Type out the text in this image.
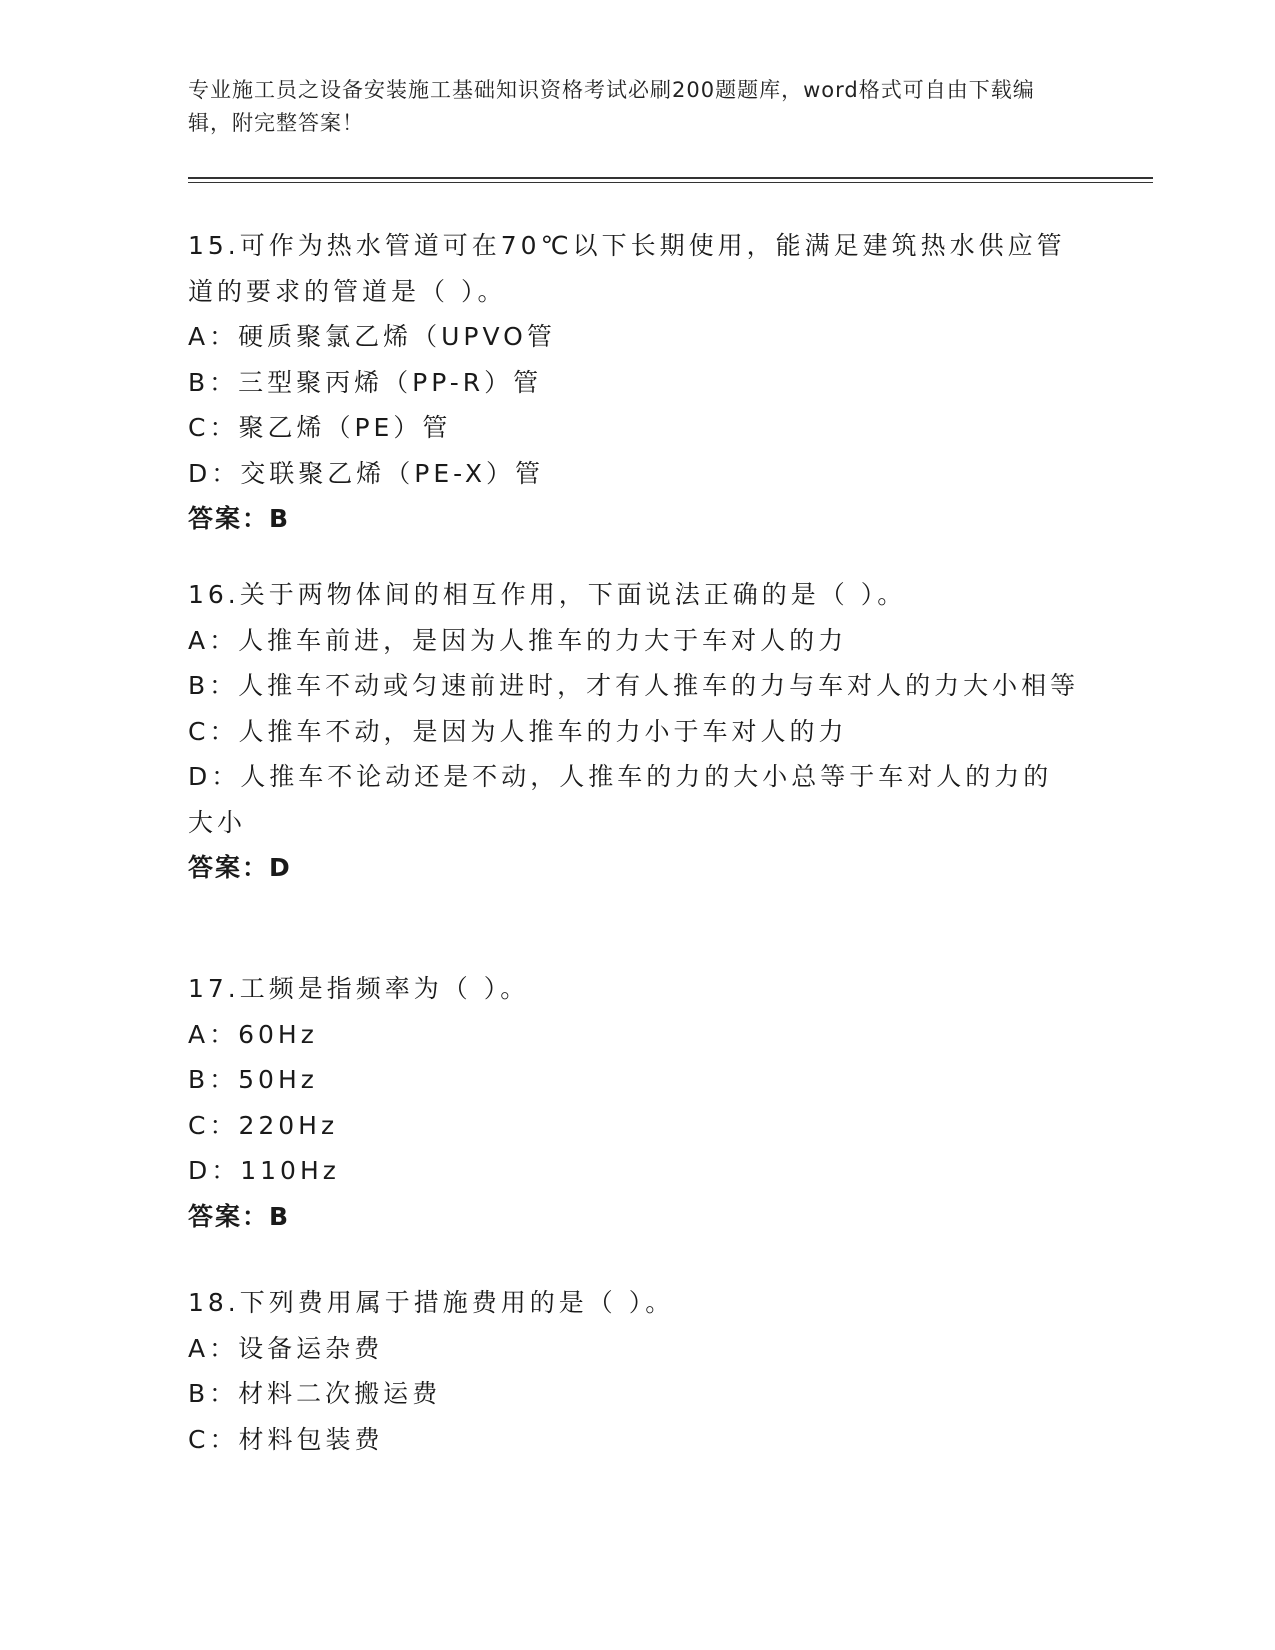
专业施工员之设备安装施工基础知识资格考试必刷200题题库，word格式可自由下载编辑，附完整答案！
15.可作为热水管道可在70℃以下长期使用，能满足建筑热水供应管道的要求的管道是（ ）。
A：硬质聚氯乙烯（UPVO管
B：三型聚丙烯（PP-R）管
C：聚乙烯（PE）管
D：交联聚乙烯（PE-X）管
答案：B
16.关于两物体间的相互作用，下面说法正确的是（ ）。
A：人推车前进，是因为人推车的力大于车对人的力
B：人推车不动或匀速前进时，才有人推车的力与车对人的力大小相等
C：人推车不动，是因为人推车的力小于车对人的力
D：人推车不论动还是不动，人推车的力的大小总等于车对人的力的大小
答案：D
17.工频是指频率为（ ）。
A：60Hz
B：50Hz
C：220Hz
D：110Hz
答案：B
18.下列费用属于措施费用的是（ ）。
A：设备运杂费
B：材料二次搬运费
C：材料包装费
